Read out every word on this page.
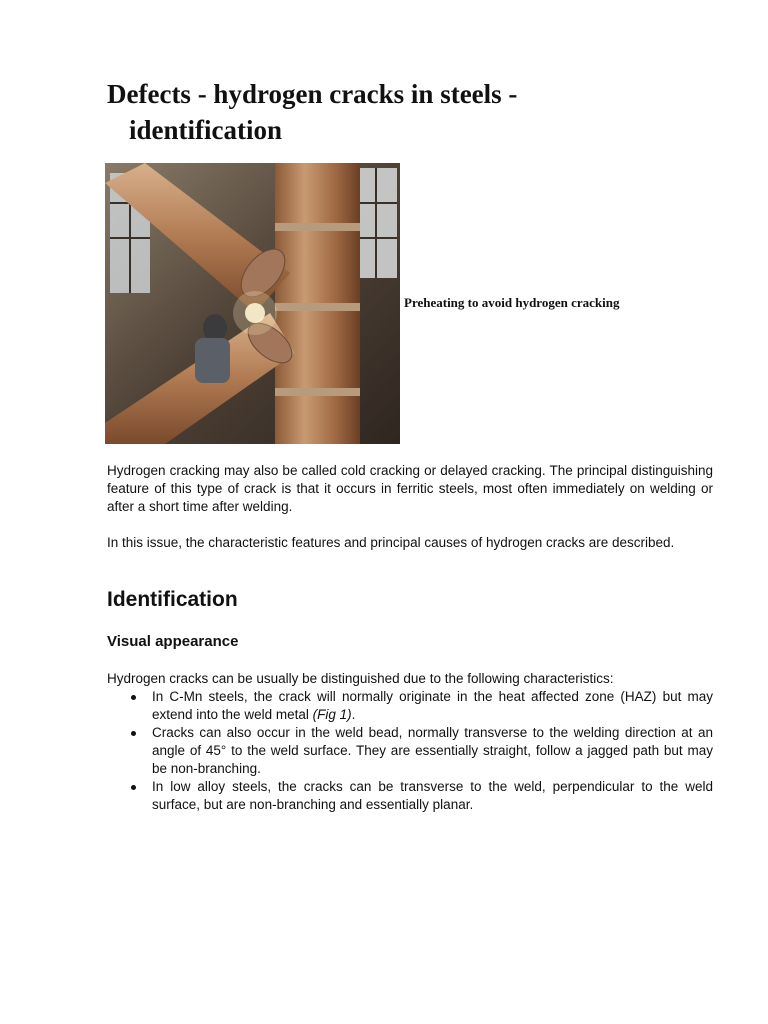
Defects - hydrogen cracks in steels -
identification
Preheating to avoid hydrogen cracking

Hydrogen cracking may also be called cold cracking or delayed cracking. The principal distinguishing feature of this type of crack is that it occurs in ferritic steels, most often immediately on welding or after a short time after welding.

In this issue, the characteristic features and principal causes of hydrogen cracks are described.

Identification
Visual appearance

Hydrogen cracks can be usually be distinguished due to the following characteristics:

In C-Mn steels, the crack will normally originate in the heat affected zone (HAZ) but may extend into the weld metal (Fig 1).
Cracks can also occur in the weld bead, normally transverse to the welding direction at an angle of 45° to the weld surface. They are essentially straight, follow a jagged path but may be non-branching.
In low alloy steels, the cracks can be transverse to the weld, perpendicular to the weld surface, but are non-branching and essentially planar.
